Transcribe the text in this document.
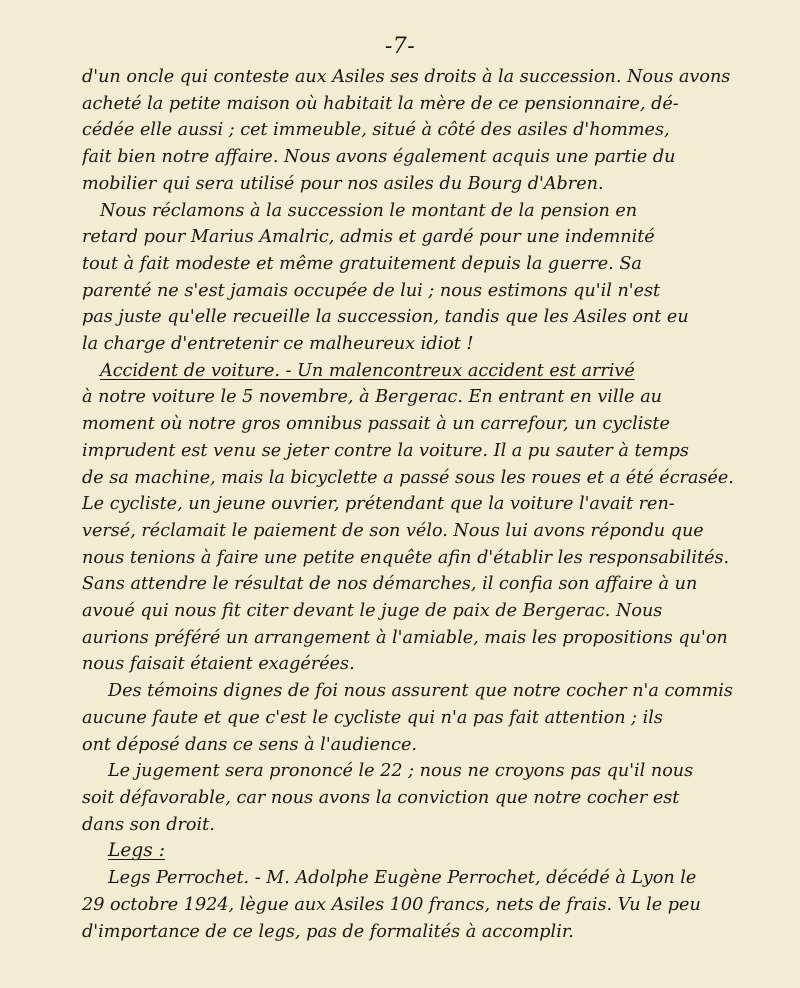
-7-
d'un oncle qui conteste aux Asiles ses droits à la succession. Nous avons
acheté la petite maison où habitait la mère de ce pensionnaire, dé-
cédée elle aussi ; cet immeuble, situé à côté des asiles d'hommes,
fait bien notre affaire. Nous avons également acquis une partie du
mobilier qui sera utilisé pour nos asiles du Bourg d'Abren.
Nous réclamons à la succession le montant de la pension en
retard pour Marius Amalric, admis et gardé pour une indemnité
tout à fait modeste et même gratuitement depuis la guerre. Sa
parenté ne s'est jamais occupée de lui ; nous estimons qu'il n'est
pas juste qu'elle recueille la succession, tandis que les Asiles ont eu
la charge d'entretenir ce malheureux idiot !
Accident de voiture. - Un malencontreux accident est arrivé
à notre voiture le 5 novembre, à Bergerac. En entrant en ville au
moment où notre gros omnibus passait à un carrefour, un cycliste
imprudent est venu se jeter contre la voiture. Il a pu sauter à temps
de sa machine, mais la bicyclette a passé sous les roues et a été écrasée.
Le cycliste, un jeune ouvrier, prétendant que la voiture l'avait ren-
versé, réclamait le paiement de son vélo. Nous lui avons répondu que
nous tenions à faire une petite enquête afin d'établir les responsabilités.
Sans attendre le résultat de nos démarches, il confia son affaire à un
avoué qui nous fit citer devant le juge de paix de Bergerac. Nous
aurions préféré un arrangement à l'amiable, mais les propositions qu'on
nous faisait étaient exagérées.
Des témoins dignes de foi nous assurent que notre cocher n'a commis
aucune faute et que c'est le cycliste qui n'a pas fait attention ; ils
ont déposé dans ce sens à l'audience.
Le jugement sera prononcé le 22 ; nous ne croyons pas qu'il nous
soit défavorable, car nous avons la conviction que notre cocher est
dans son droit.
Legs :
Legs Perrochet. - M. Adolphe Eugène Perrochet, décédé à Lyon le
29 octobre 1924, lègue aux Asiles 100 francs, nets de frais. Vu le peu
d'importance de ce legs, pas de formalités à accomplir.
